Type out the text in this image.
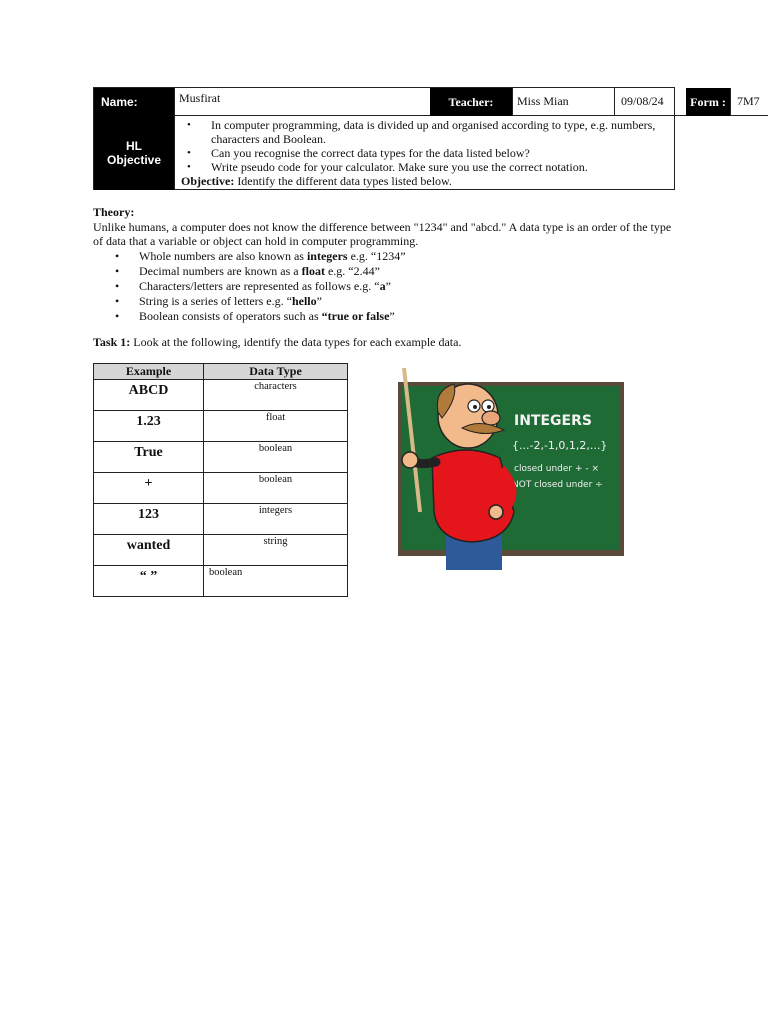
Name:	Musfirat	Teacher:	Miss Mian	09/08/24	Form : 7M7
HL
Objective
• In computer programming, data is divided up and organised according to type, e.g. numbers, characters and Boolean.
• Can you recognise the correct data types for the data listed below?
• Write pseudo code for your calculator. Make sure you use the correct notation.
Objective: Identify the different data types listed below.
Theory:
Unlike humans, a computer does not know the difference between "1234" and "abcd." A data type is an order of the type of data that a variable or object can hold in computer programming.
• Whole numbers are also known as integers e.g. “1234”
• Decimal numbers are known as a float e.g. “2.44”
• Characters/letters are represented as follows e.g. “a”
• String is a series of letters e.g. “hello”
• Boolean consists of operators such as “true or false”
Task 1: Look at the following, identify the data types for each example data.
Example	Data Type
ABCD	characters
1.23	float
True	boolean
+	boolean
123	integers
wanted	string
“ ”	boolean
INTEGERS
{...-2,-1,0,1,2,...}
closed under + - ×
NOT closed under ÷
